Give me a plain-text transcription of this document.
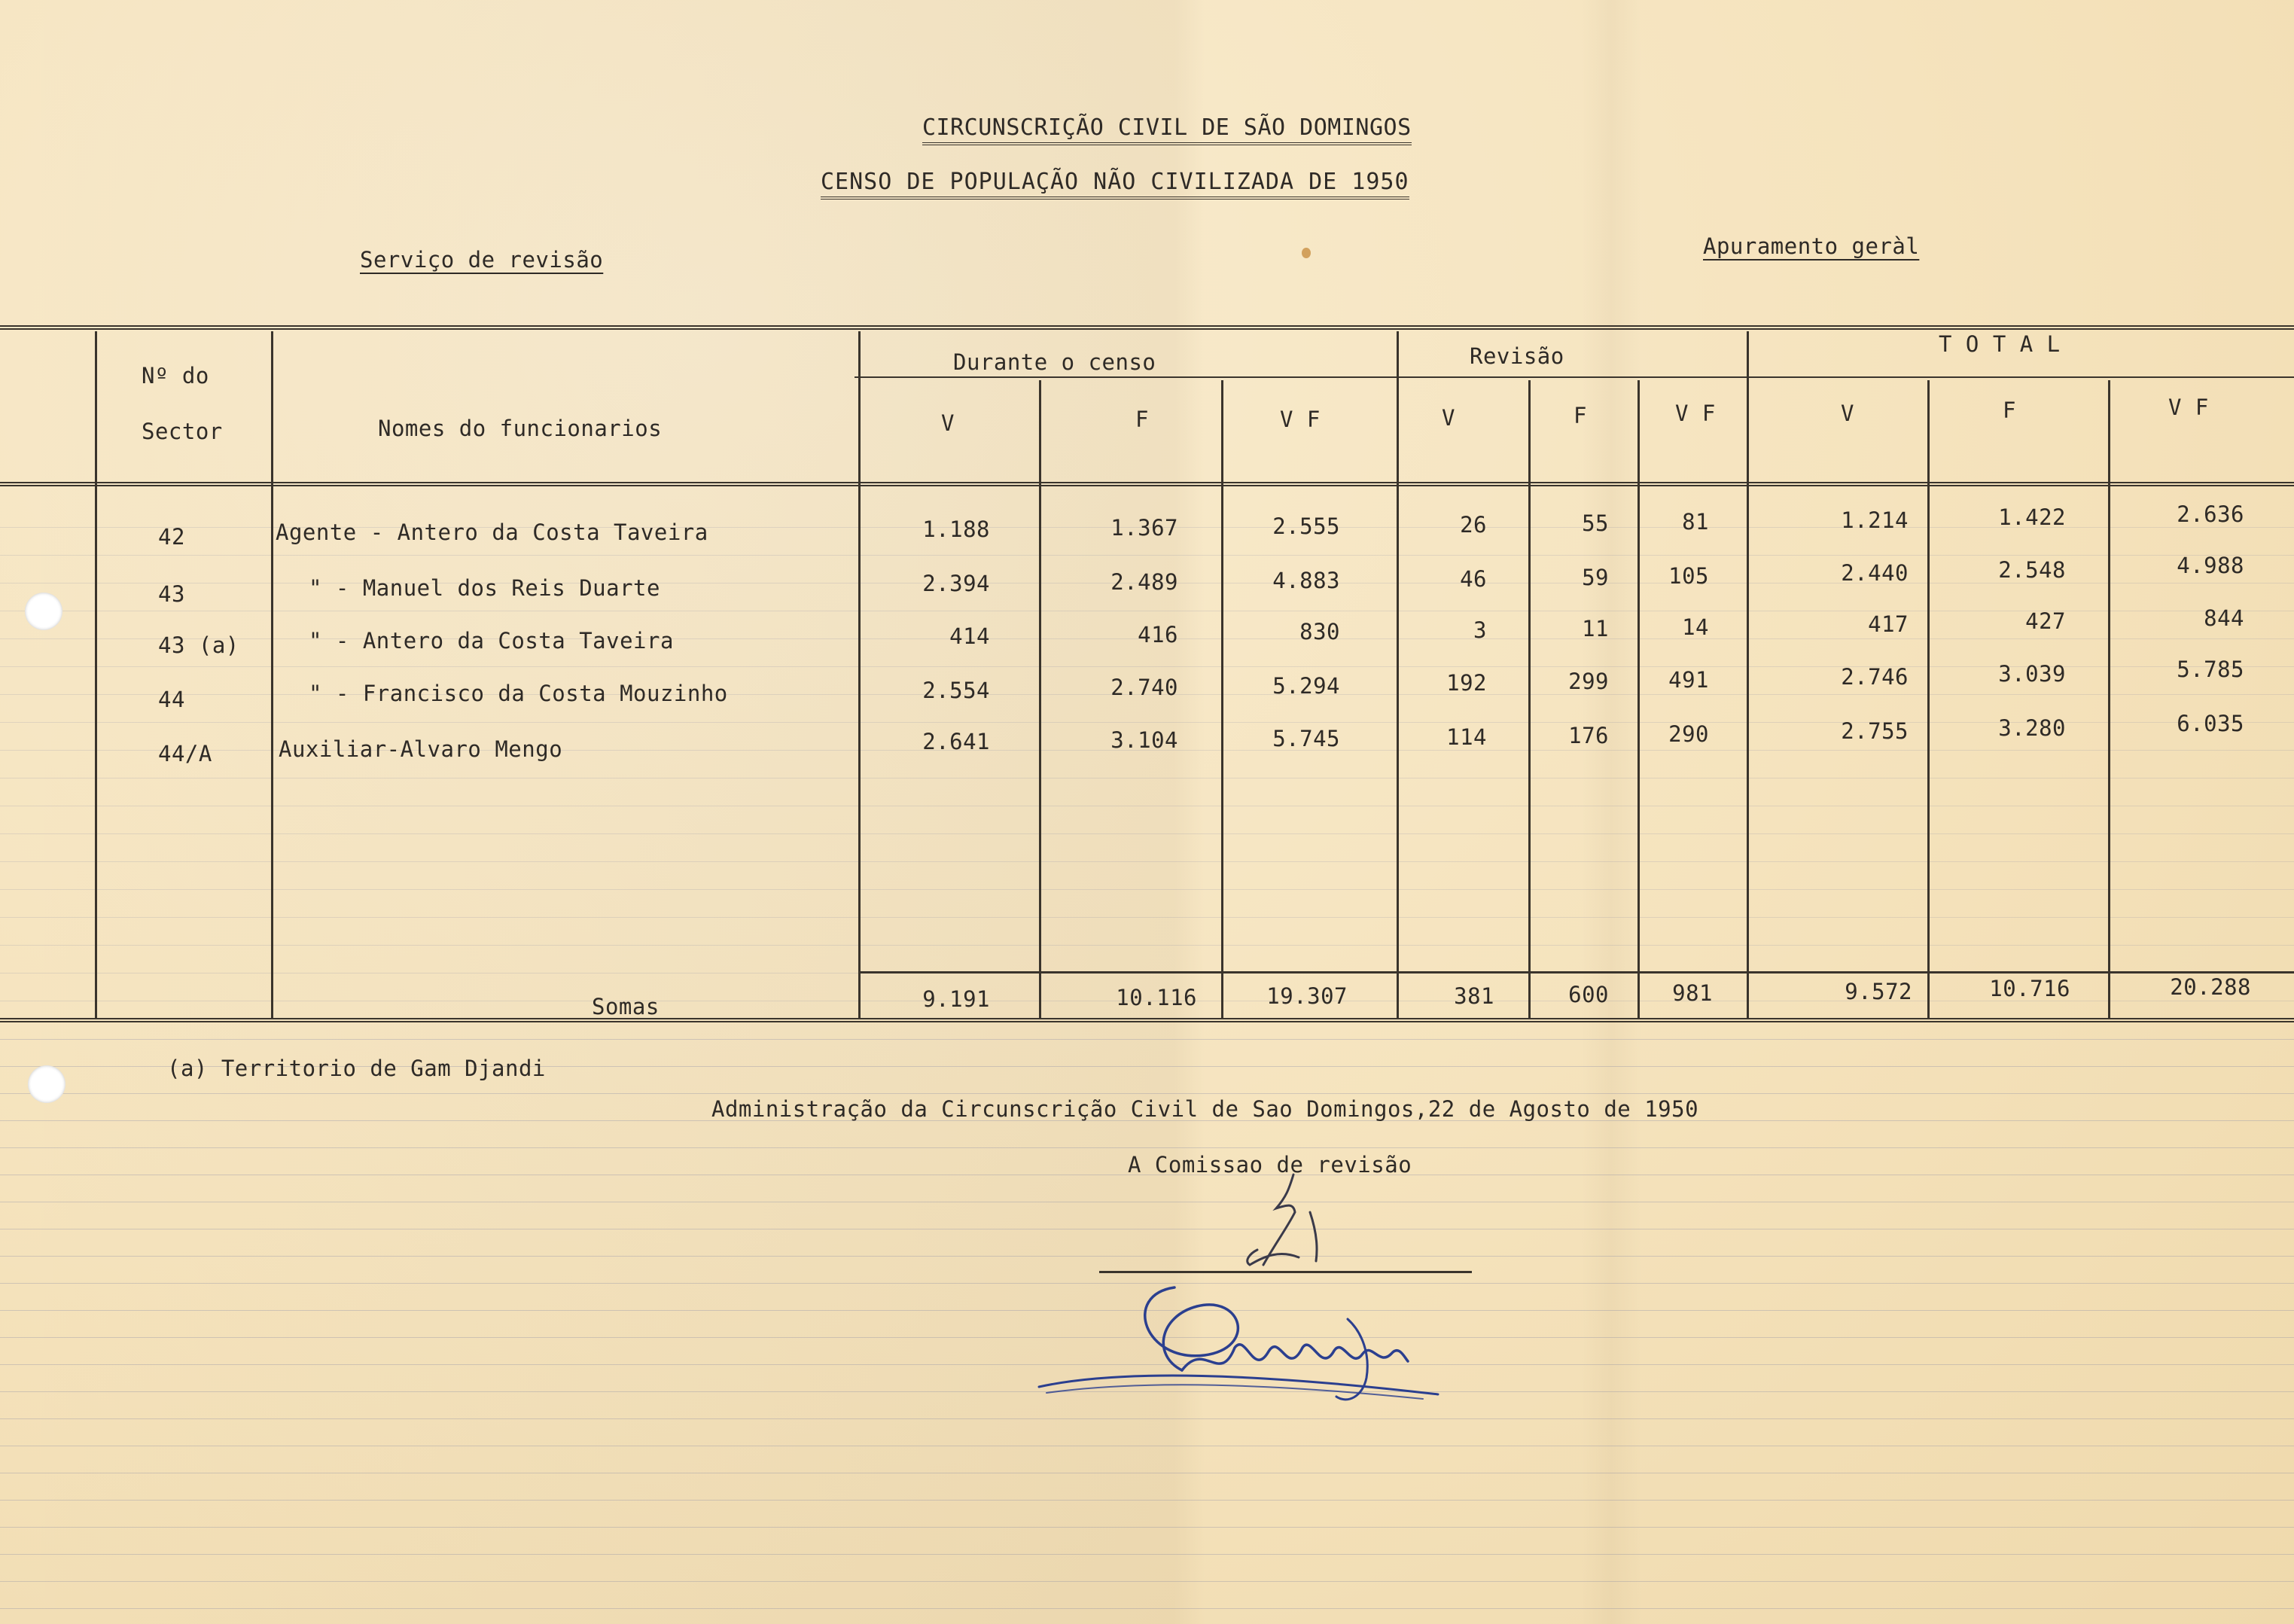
CIRCUNSCRIÇÃO CIVIL DE SÃO DOMINGOS
CENSO DE POPULAÇÃO NÃO CIVILIZADA DE 1950
Serviço de revisão
Apuramento geràl
Nº do
Sector	Nomes do funcionarios
Durante o censo	Revisão	T O T A L
V	F	V F	V	F	V F	V	F	V F
42	Agente - Antero da Costa Taveira	1.188	1.367	2.555	26	55	81	1.214	1.422	2.636
43	" - Manuel dos Reis Duarte	2.394	2.489	4.883	46	59	105	2.440	2.548	4.988
43 (a)	" - Antero da Costa Taveira	414	416	830	3	11	14	417	427	844
44	" - Francisco da Costa Mouzinho	2.554	2.740	5.294	192	299	491	2.746	3.039	5.785
44/A	Auxiliar-Alvaro Mengo	2.641	3.104	5.745	114	176	290	2.755	3.280	6.035
Somas	9.191	10.116	19.307	381	600	981	9.572	10.716	20.288
(a) Territorio de Gam Djandi
Administração da Circunscrição Civil de Sao Domingos,22 de Agosto de 1950
A Comissao de revisão
